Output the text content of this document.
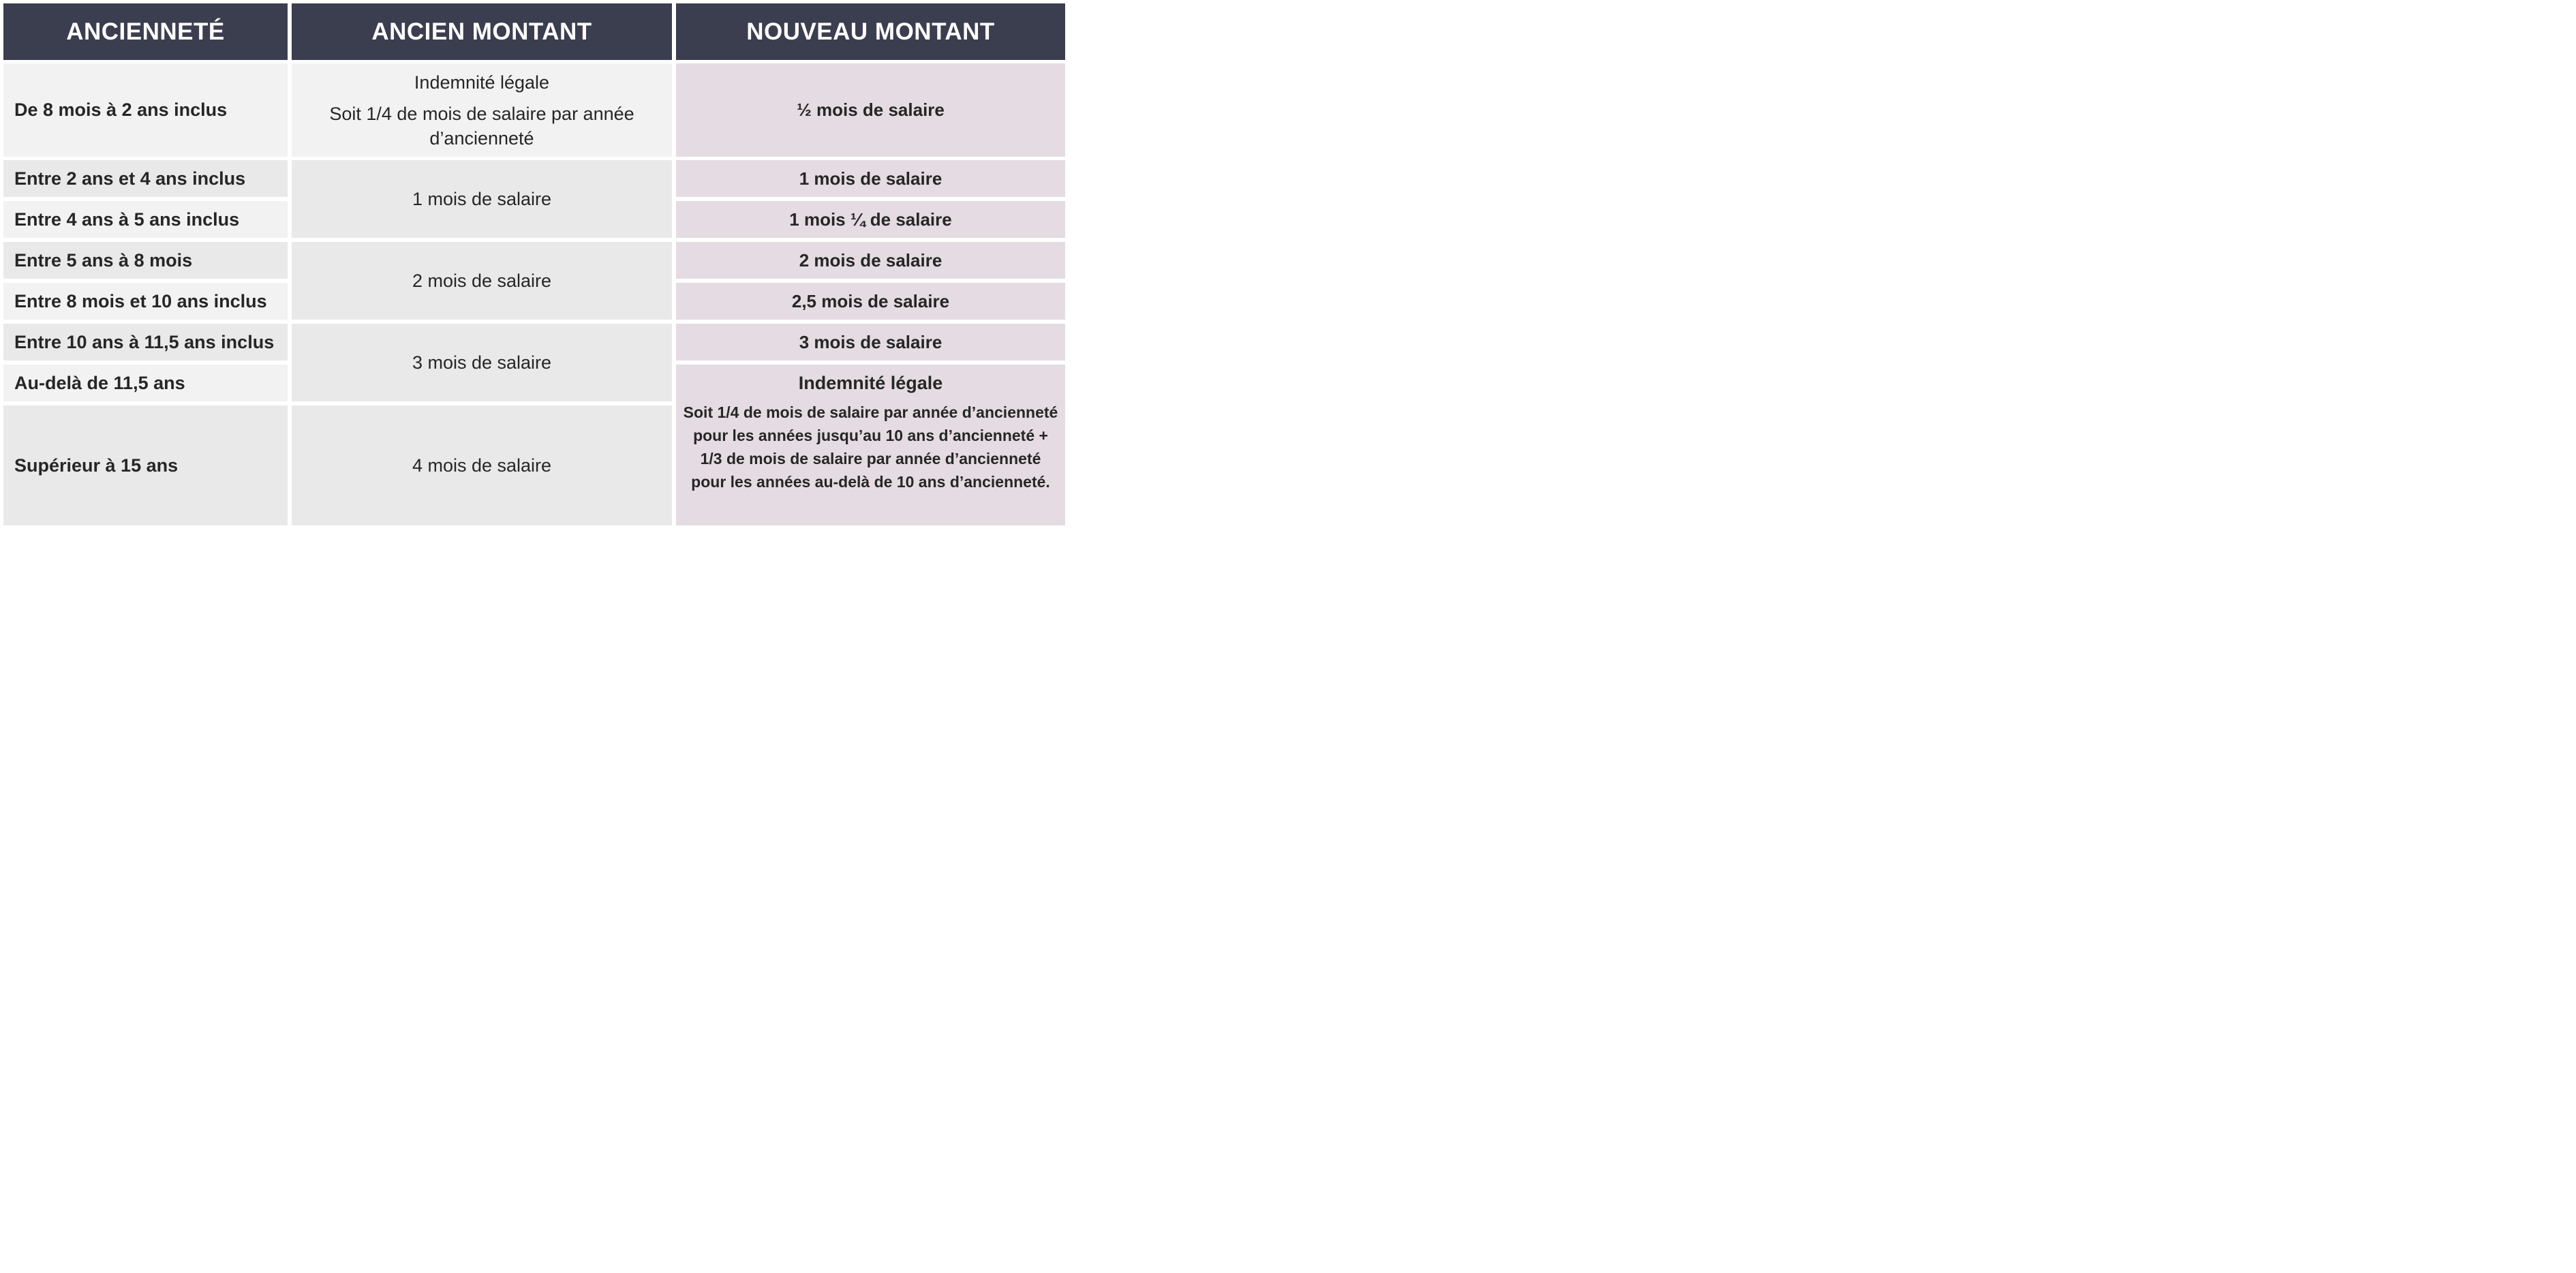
ANCIENNETÉ	ANCIEN MONTANT	NOUVEAU MONTANT
De 8 mois à 2 ans inclus
Entre 2 ans et 4 ans inclus
Entre 4 ans à 5 ans inclus
Entre 5 ans à 8 mois
Entre 8 mois et 10 ans inclus
Entre 10 ans à 11,5 ans inclus
Au-delà de 11,5 ans
Supérieur à 15 ans
Indemnité légale
Soit 1/4 de mois de salaire par année d’ancienneté
1 mois de salaire
2 mois de salaire
3 mois de salaire
4 mois de salaire
½ mois de salaire
1 mois de salaire
1 mois ¼ de salaire
2 mois de salaire
2,5 mois de salaire
3 mois de salaire
Indemnité légale
Soit 1/4 de mois de salaire par année d’ancienneté pour les années jusqu’au 10 ans d’ancienneté + 1/3 de mois de salaire par année d’ancienneté pour les années au-delà de 10 ans d’ancienneté.
